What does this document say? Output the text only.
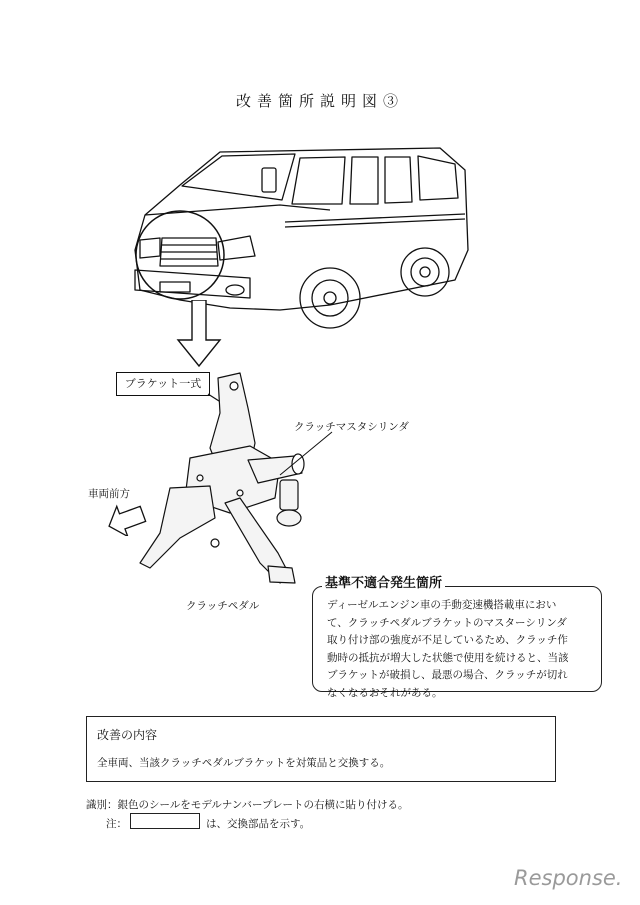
改善箇所説明図③
ブラケット一式
クラッチマスタシリンダ
車両前方
クラッチペダル	ディーゼルエンジン車の手動変速機搭載車におい
て、クラッチペダルブラケットのマスターシリンダ
取り付け部の強度が不足しているため、クラッチ作
動時の抵抗が増大した状態で使用を続けると、当該
ブラケットが破損し、最悪の場合、クラッチが切れ
なくなるおそれがある。
基準不適合発生箇所
改善の内容
全車両、当該クラッチペダルブラケットを対策品と交換する。
識別：銀色のシールをモデルナンバープレートの右横に貼り付ける。
注：	は、交換部品を示す。
Response.
